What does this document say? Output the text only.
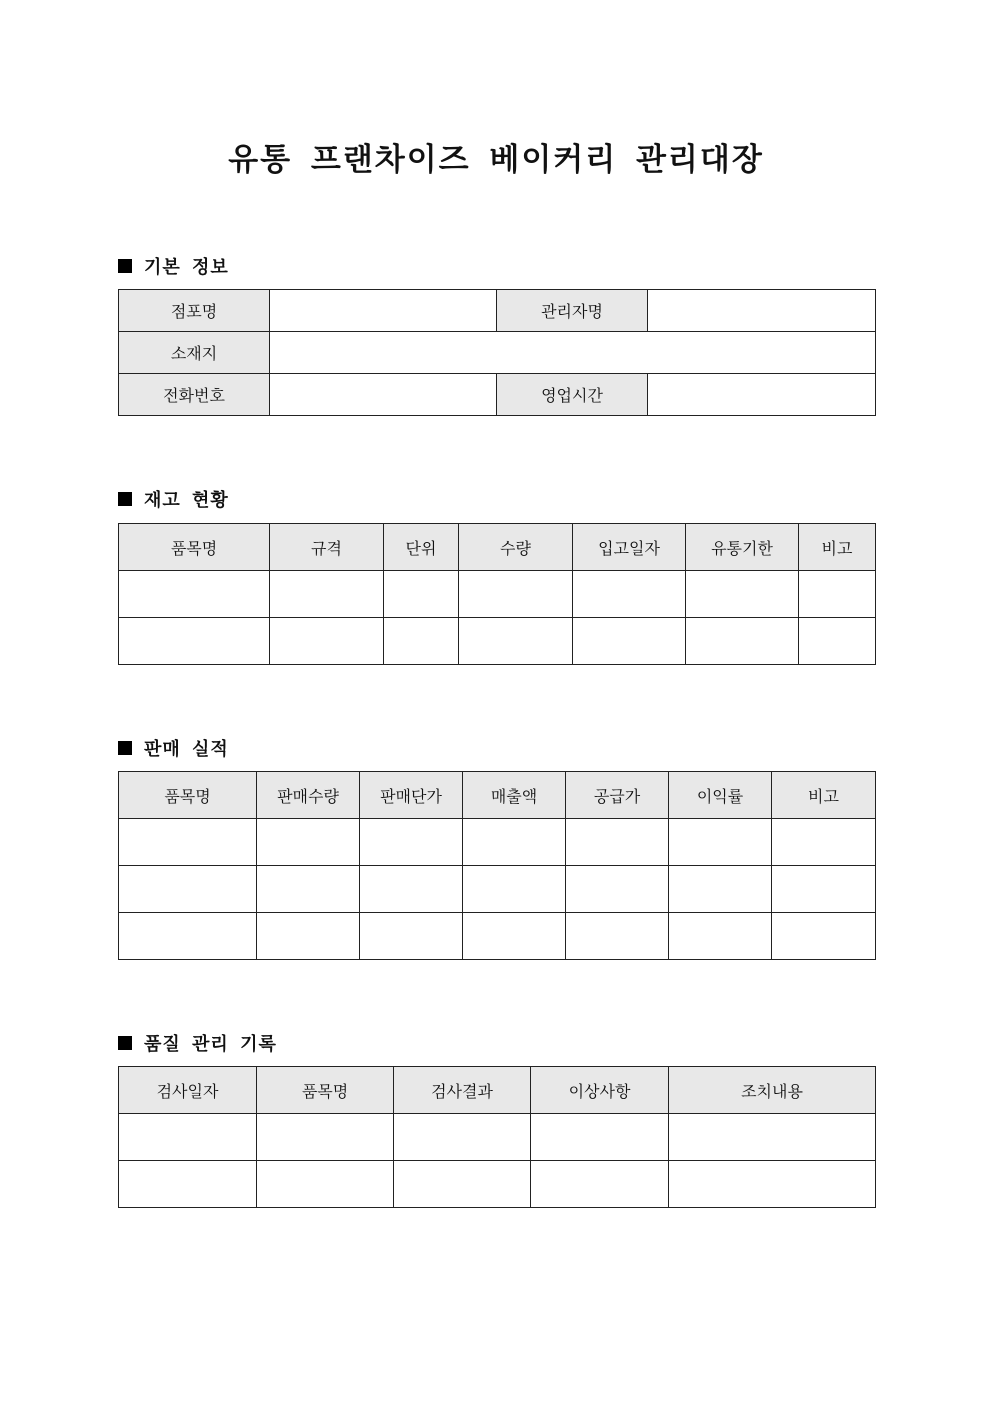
유통 프랜차이즈 베이커리 관리대장
기본 정보
점포명		관리자명	
소재지			
전화번호		영업시간	
재고 현황
품목명	규격	단위	수량	입고일자	유통기한	비고

판매 실적
품목명	판매수량	판매단가	매출액	공급가	이익률	비고

품질 관리 기록
검사일자	품목명	검사결과	이상사항	조치내용
